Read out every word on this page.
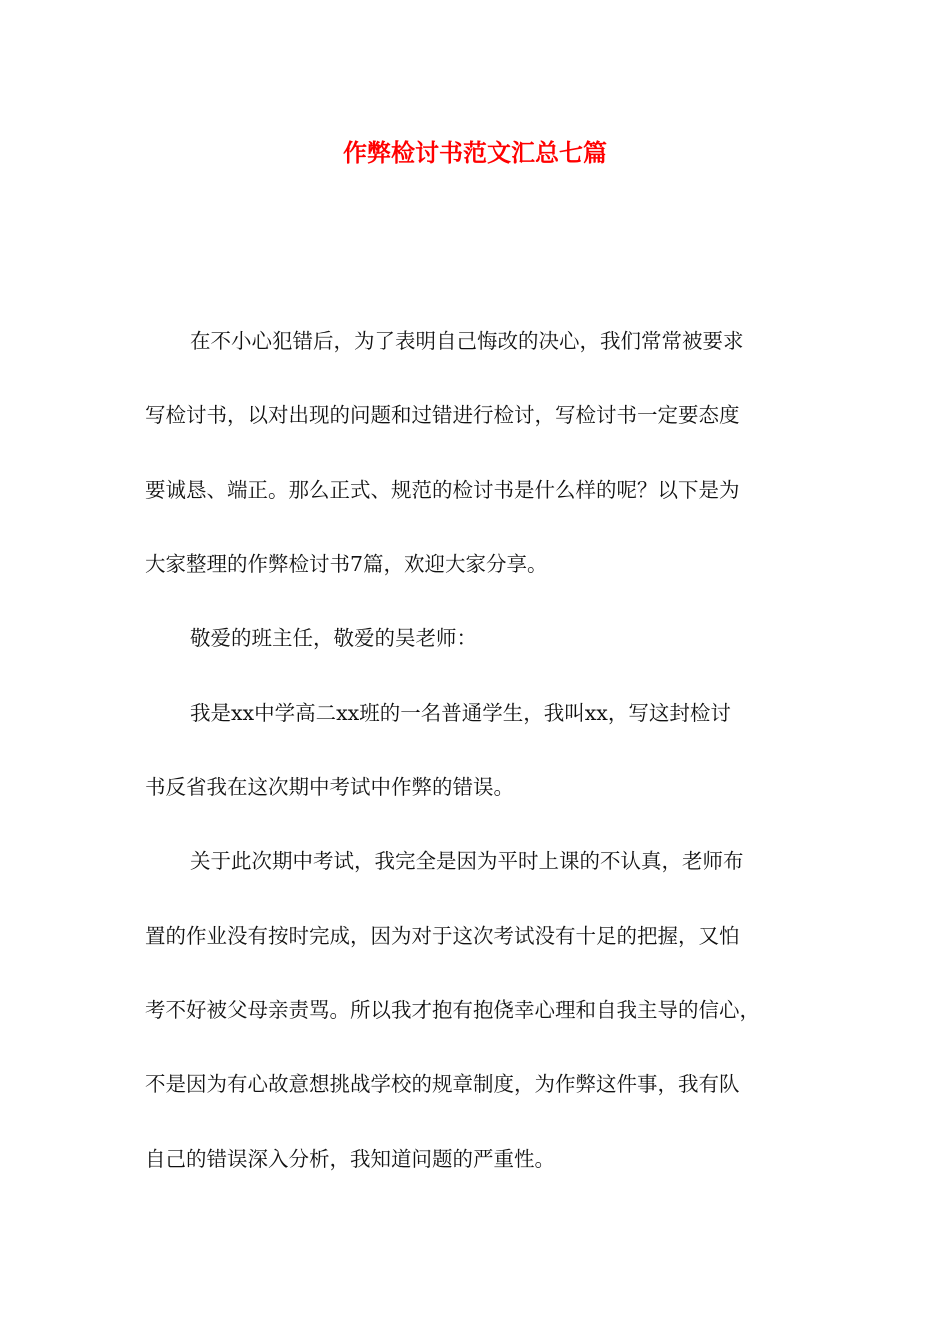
作弊检讨书范文汇总七篇
在不小心犯错后，为了表明自己悔改的决心，我们常常被要求
写检讨书，以对出现的问题和过错进行检讨，写检讨书一定要态度
要诚恳、端正。那么正式、规范的检讨书是什么样的呢？以下是为
大家整理的作弊检讨书7篇，欢迎大家分享。
敬爱的班主任，敬爱的吴老师：
我是xx中学高二xx班的一名普通学生，我叫xx，写这封检讨
书反省我在这次期中考试中作弊的错误。
关于此次期中考试，我完全是因为平时上课的不认真，老师布
置的作业没有按时完成，因为对于这次考试没有十足的把握，又怕
考不好被父母亲责骂。所以我才抱有抱侥幸心理和自我主导的信心，
不是因为有心故意想挑战学校的规章制度，为作弊这件事，我有队
自己的错误深入分析，我知道问题的严重性。
